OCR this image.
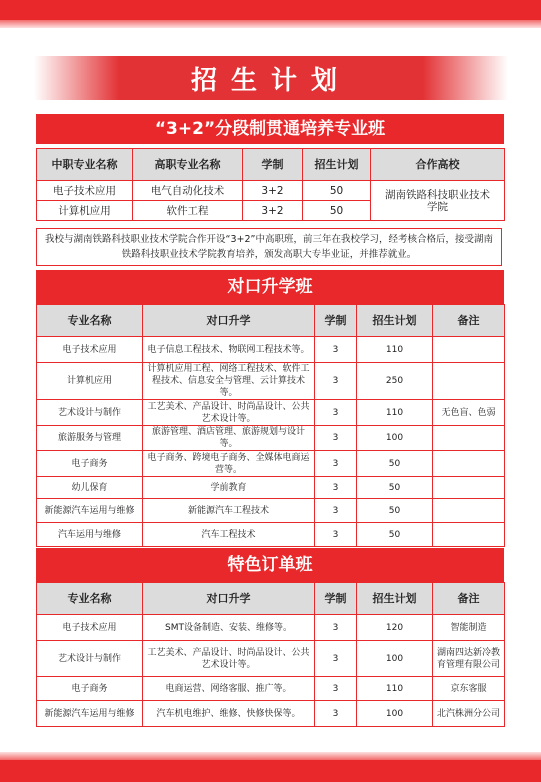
招生计划
“3+2”分段制贯通培养专业班
中职专业名称	高职专业名称	学制	招生计划	合作高校
电子技术应用	电气自动化技术	3+2	50	湖南铁路科技职业技术学院
计算机应用	软件工程	3+2	50	
我校与湖南铁路科技职业技术学院合作开设“3+2”中高职班，前三年在我校学习，经考核合格后，接受湖南铁路科技职业技术学院教育培养，颁发高职大专毕业证，并推荐就业。
对口升学班
专业名称	对口升学	学制	招生计划	备注
电子技术应用	电子信息工程技术、物联网工程技术等。	3	110	
计算机应用	计算机应用工程、网络工程技术、软件工程技术、信息安全与管理、云计算技术等。	3	250	
艺术设计与制作	工艺美术、产品设计、时尚品设计、公共艺术设计等。	3	110	无色盲、色弱
旅游服务与管理	旅游管理、酒店管理、旅游规划与设计等。	3	100	
电子商务	电子商务、跨境电子商务、全媒体电商运营等。	3	50	
幼儿保育	学前教育	3	50	
新能源汽车运用与维修	新能源汽车工程技术	3	50	
汽车运用与维修	汽车工程技术	3	50	
特色订单班
专业名称	对口升学	学制	招生计划	备注
电子技术应用	SMT设备制造、安装、维修等。	3	120	智能制造
艺术设计与制作	工艺美术、产品设计、时尚品设计、公共艺术设计等。	3	100	湖南四达新冷教育管理有限公司
电子商务	电商运营、网络客服、推广等。	3	110	京东客服
新能源汽车运用与维修	汽车机电维护、维修、快修快保等。	3	100	北汽株洲分公司
